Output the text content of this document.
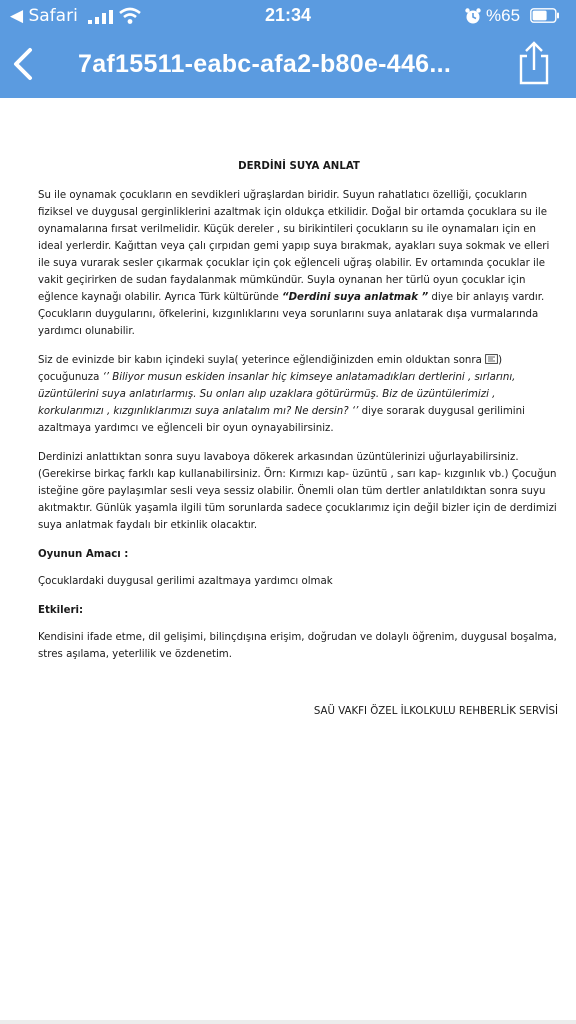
◀ Safari	21:34	%65
7af15511-eabc-afa2-b80e-446...
DERDİNİ SUYA ANLAT

Su ile oynamak çocukların en sevdikleri uğraşlardan biridir. Suyun rahatlatıcı özelliği, çocukların fiziksel ve duygusal gerginliklerini azaltmak için oldukça etkilidir. Doğal bir ortamda çocuklara su ile oynamalarına fırsat verilmelidir. Küçük dereler , su birikintileri çocukların su ile oynamaları için en ideal yerlerdir. Kağıttan veya çalı çırpıdan gemi yapıp suya bırakmak, ayakları suya sokmak ve elleri ile suya vurarak sesler çıkarmak çocuklar için çok eğlenceli uğraş olabilir. Ev ortamında çocuklar ile vakit geçirirken de sudan faydalanmak mümkündür. Suyla oynanan her türlü oyun çocuklar için eğlence kaynağı olabilir. Ayrıca Türk kültüründe “Derdini suya anlatmak ” diye bir anlayış vardır. Çocukların duygularını, öfkelerini, kızgınlıklarını veya sorunlarını suya anlatarak dışa vurmalarında yardımcı olunabilir.

Siz de evinizde bir kabın içindeki suyla( yeterince eğlendiğinizden emin olduktan sonra ) çocuğunuza ‘’ Biliyor musun eskiden insanlar hiç kimseye anlatamadıkları dertlerini , sırlarını, üzüntülerini suya anlatırlarmış. Su onları alıp uzaklara götürürmüş. Biz de üzüntülerimizi , korkularımızı , kızgınlıklarımızı suya anlatalım mı? Ne dersin? ‘’ diye sorarak duygusal gerilimini azaltmaya yardımcı ve eğlenceli bir oyun oynayabilirsiniz.

Derdinizi anlattıktan sonra suyu lavaboya dökerek arkasından üzüntülerinizi uğurlayabilirsiniz. (Gerekirse birkaç farklı kap kullanabilirsiniz. Örn: Kırmızı kap- üzüntü , sarı kap- kızgınlık vb.) Çocuğun isteğine göre paylaşımlar sesli veya sessiz olabilir. Önemli olan tüm dertler anlatıldıktan sonra suyu akıtmaktır. Günlük yaşamla ilgili tüm sorunlarda sadece çocuklarımız için değil bizler için de derdimizi suya anlatmak faydalı bir etkinlik olacaktır.

Oyunun Amacı :

Çocuklardaki duygusal gerilimi azaltmaya yardımcı olmak

Etkileri:

Kendisini ifade etme, dil gelişimi, bilinçdışına erişim, doğrudan ve dolaylı öğrenim, duygusal boşalma, stres aşılama, yeterlilik ve özdenetim.

SAÜ VAKFI ÖZEL İLKOLKULU REHBERLİK SERVİSİ
